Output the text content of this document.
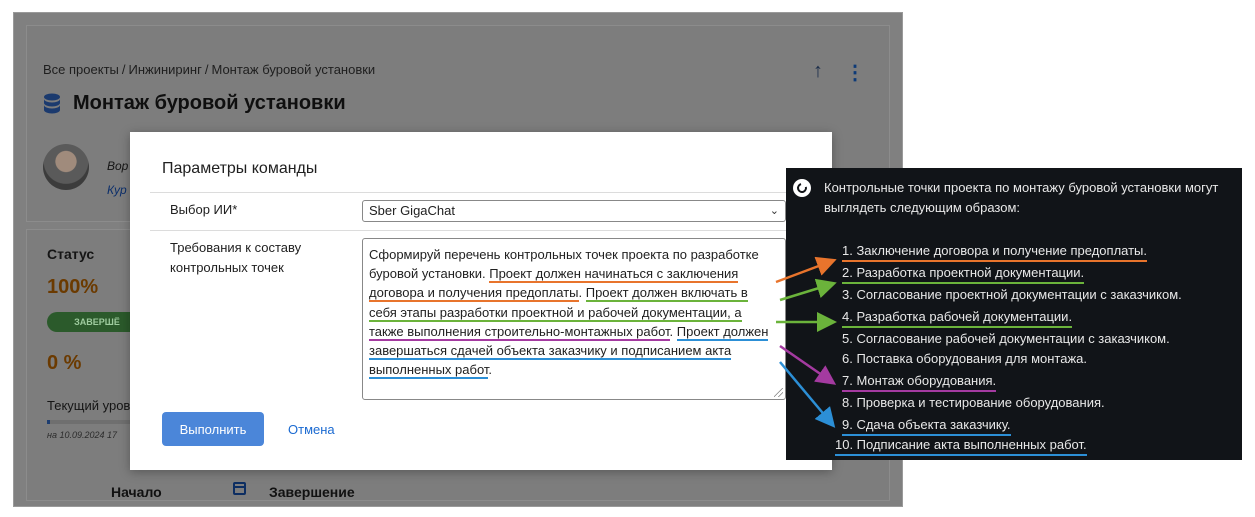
Все проекты / Инжиниринг / Монтаж буровой установки	↑ ⋮
Монтаж буровой установки
Вор
Кур
Статус
100%
ЗАВЕРШЁ
0 %
Текущий уров
на 10.09.2024 17
Начало	Завершение
Параметры команды
Выбор ИИ*	Sber GigaChat	⌄
Требования к составу
контрольных точек
Сформируй перечень контрольных точек проекта по разработке буровой установки. Проект должен начинаться с заключения договора и получения предоплаты. Проект должен включать в себя этапы разработки проектной и рабочей документации, а также выполнения строительно-монтажных работ. Проект должен завершаться сдачей объекта заказчику и подписанием акта выполненных работ.
Выполнить	Отмена
Контрольные точки проекта по монтажу буровой установки могут выглядеть следующим образом:
1. Заключение договора и получение предоплаты.
2. Разработка проектной документации.
3. Согласование проектной документации с заказчиком.
4. Разработка рабочей документации.
5. Согласование рабочей документации с заказчиком.
6. Поставка оборудования для монтажа.
7. Монтаж оборудования.
8. Проверка и тестирование оборудования.
9. Сдача объекта заказчику.
10. Подписание акта выполненных работ.
